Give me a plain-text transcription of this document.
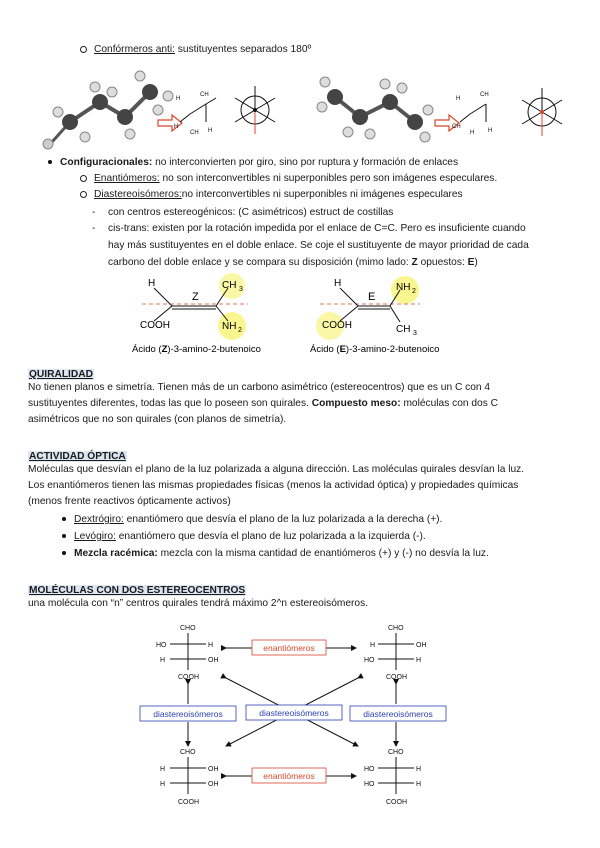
Confórmeros anti: sustituyentes separados 180º
H
CH
H
CH H
H
CH
CH
H H
Configuracionales: no interconvierten por giro, sino por ruptura y formación de enlaces
Enantiómeros: no son interconvertibles ni superponibles pero son imágenes especulares.
Diastereoisómeros:no interconvertibles ni superponibles ni imágenes especulares
- con centros estereogénicos: (C asimétricos) estruct de costillas
- cis-trans: existen por la rotación impedida por el enlace de C=C. Pero es insuficiente cuando
hay más sustituyentes en el doble enlace. Se coje el sustituyente de mayor prioridad de cada
carbono del doble enlace y se compara su disposición (mimo lado: Z opuestos: E)
H
Z
CH 3
COOH	NH 2
Ácido (Z)-3-amino-2-butenoico
H
E
NH 2
COOH	CH 3
Ácido (E)-3-amino-2-butenoico
QUIRALIDAD
No tienen planos e simetría. Tienen más de un carbono asimétrico (estereocentros) que es un C con 4
sustituyentes diferentes, todas las que lo poseen son quirales. Compuesto meso: moléculas con dos C
asimétricos que no son quirales (con planos de simetría).
ACTIVIDAD ÓPTICA
Moléculas que desvían el plano de la luz polarizada a alguna dirección. Las moléculas quirales desvían la luz.
Los enantiómeros tienen las mismas propiedades físicas (menos la actividad óptica) y propiedades químicas
(menos frente reactivos ópticamente activos)
Dextrógiro: enantiómero que desvía el plano de la luz polarizada a la derecha (+).
Levógiro: enantiómero que desvía el plano de luz polarizada a la izquierda (-).
Mezcla racémica: mezcla con la misma cantidad de enantiómeros (+) y (-) no desvía la luz.
MOLÉCULAS CON DOS ESTEREOCENTROS
una molécula con “n” centros quirales tendrá máximo 2^n estereoisómeros.
CHO
HO	H
H	OH
COOH
CHO
H	OH
HO	H
COOH
CHO
H	OH
H	OH
COOH
CHO
HO	H
HO	H
COOH
enantiómeros
diastereoisómeros	diastereoisómeros	diastereoisómeros
enantiómeros
